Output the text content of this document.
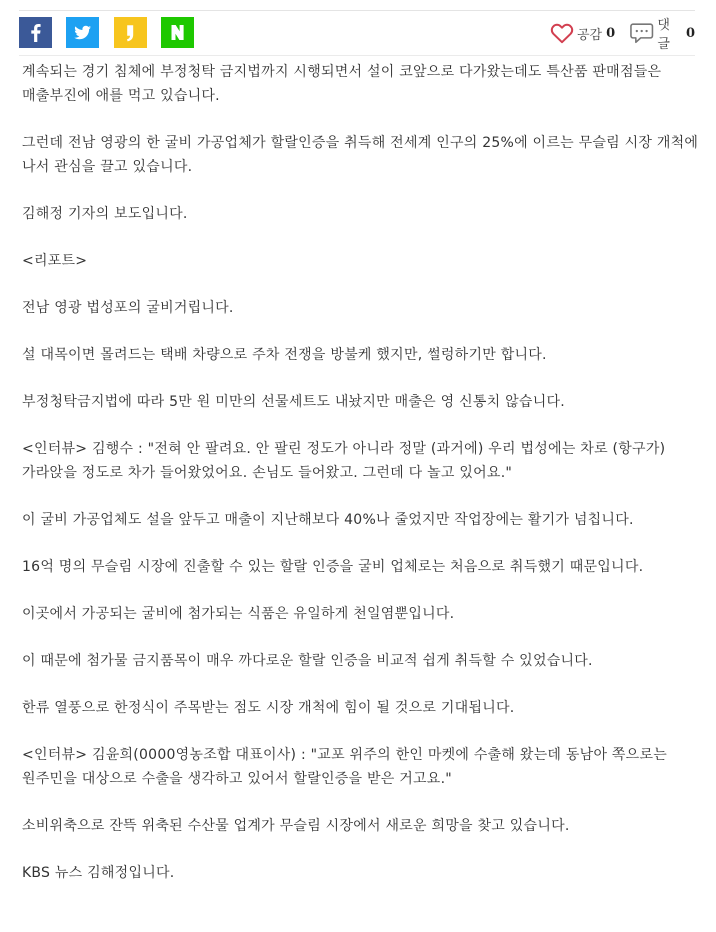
공감 0	댓글
0

계속되는 경기 침체에 부정청탁 금지법까지 시행되면서 설이 코앞으로 다가왔는데도 특산품 판매점들은 매출부진에 애를 먹고 있습니다.

그런데 전남 영광의 한 굴비 가공업체가 할랄인증을 취득해 전세계 인구의 25%에 이르는 무슬림 시장 개척에 나서 관심을 끌고 있습니다.

김해정 기자의 보도입니다.

<리포트>

전남 영광 법성포의 굴비거립니다.

설 대목이면 몰려드는 택배 차량으로 주차 전쟁을 방불케 했지만, 썰렁하기만 합니다.

부정청탁금지법에 따라 5만 원 미만의 선물세트도 내놨지만 매출은 영 신통치 않습니다.

<인터뷰> 김행수 : "전혀 안 팔려요. 안 팔린 정도가 아니라 정말 (과거에) 우리 법성에는 차로 (항구가) 가라앉을 정도로 차가 들어왔었어요. 손님도 들어왔고. 그런데 다 놀고 있어요."

이 굴비 가공업체도 설을 앞두고 매출이 지난해보다 40%나 줄었지만 작업장에는 활기가 넘칩니다.

16억 명의 무슬림 시장에 진출할 수 있는 할랄 인증을 굴비 업체로는 처음으로 취득했기 때문입니다.

이곳에서 가공되는 굴비에 첨가되는 식품은 유일하게 천일염뿐입니다.

이 때문에 첨가물 금지품목이 매우 까다로운 할랄 인증을 비교적 쉽게 취득할 수 있었습니다.

한류 열풍으로 한정식이 주목받는 점도 시장 개척에 힘이 될 것으로 기대됩니다.

<인터뷰> 김윤희(0000영농조합 대표이사) : "교포 위주의 한인 마켓에 수출해 왔는데 동남아 쪽으로는 원주민을 대상으로 수출을 생각하고 있어서 할랄인증을 받은 거고요."

소비위축으로 잔뜩 위축된 수산물 업계가 무슬림 시장에서 새로운 희망을 찾고 있습니다.

KBS 뉴스 김해정입니다.
